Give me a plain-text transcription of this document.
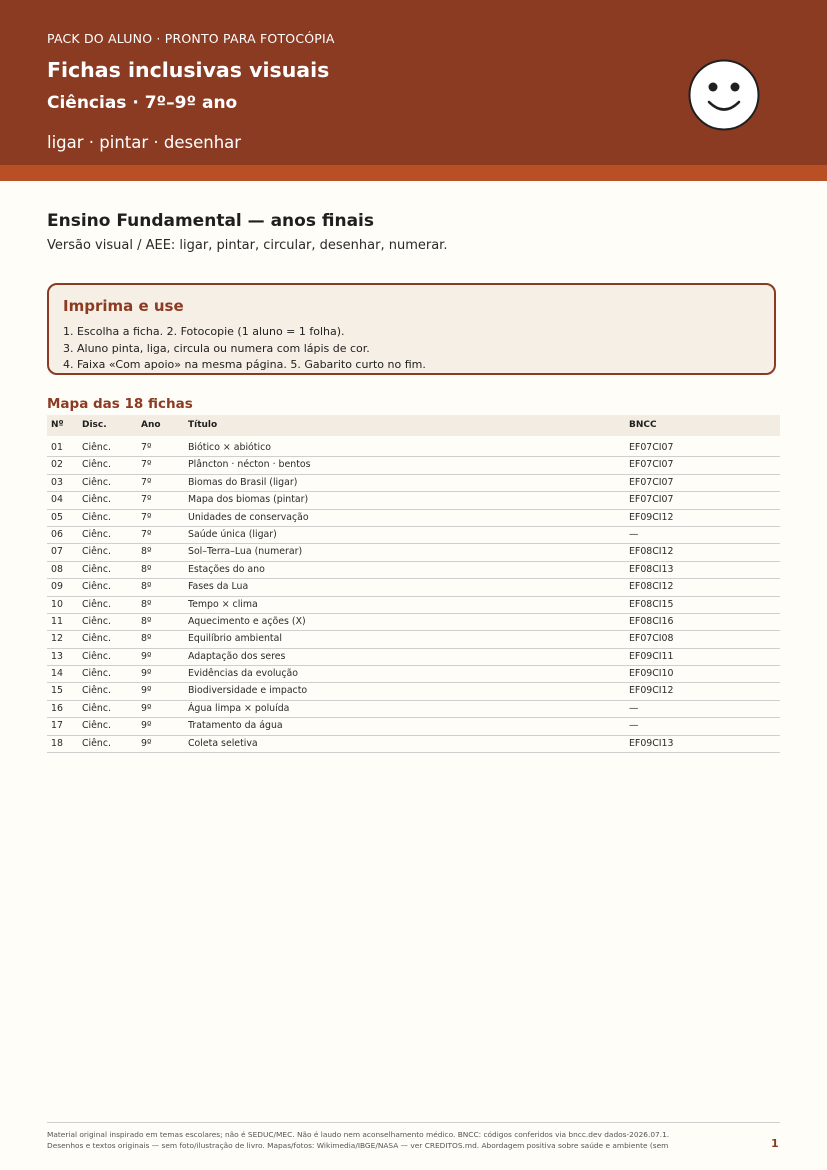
PACK DO ALUNO · PRONTO PARA FOTOCÓPIA
Fichas inclusivas visuais
Ciências · 7º–9º ano
ligar · pintar · desenhar
Ensino Fundamental — anos finais
Versão visual / AEE: ligar, pintar, circular, desenhar, numerar.
Imprima e use
1. Escolha a ficha. 2. Fotocopie (1 aluno = 1 folha).
3. Aluno pinta, liga, circula ou numera com lápis de cor.
4. Faixa «Com apoio» na mesma página. 5. Gabarito curto no fim.
Mapa das 18 fichas
Nº Disc.	Ano	Título	BNCC
01 Ciênc.	7º	Biótico × abiótico	EF07CI07
02 Ciênc.	7º	Plâncton · nécton · bentos	EF07CI07
03 Ciênc.	7º	Biomas do Brasil (ligar)	EF07CI07
04 Ciênc.	7º	Mapa dos biomas (pintar)	EF07CI07
05 Ciênc.	7º	Unidades de conservação	EF09CI12
06 Ciênc.	7º	Saúde única (ligar)	—
07 Ciênc.	8º	Sol–Terra–Lua (numerar)	EF08CI12
08 Ciênc.	8º	Estações do ano	EF08CI13
09 Ciênc.	8º	Fases da Lua	EF08CI12
10 Ciênc.	8º	Tempo × clima	EF08CI15
11 Ciênc.	8º	Aquecimento e ações (X)	EF08CI16
12 Ciênc.	8º	Equilíbrio ambiental	EF07CI08
13 Ciênc.	9º	Adaptação dos seres	EF09CI11
14 Ciênc.	9º	Evidências da evolução	EF09CI10
15 Ciênc.	9º	Biodiversidade e impacto	EF09CI12
16 Ciênc.	9º	Água limpa × poluída	—
17 Ciênc.	9º	Tratamento da água	—
18 Ciênc.	9º	Coleta seletiva	EF09CI13
Material original inspirado em temas escolares; não é SEDUC/MEC. Não é laudo nem aconselhamento médico. BNCC: códigos conferidos via bncc.dev dados-2026.07.1.
Desenhos e textos originais — sem foto/ilustração de livro. Mapas/fotos: Wikimedia/IBGE/NASA — ver CREDITOS.md. Abordagem positiva sobre saúde e ambiente (sem	1
